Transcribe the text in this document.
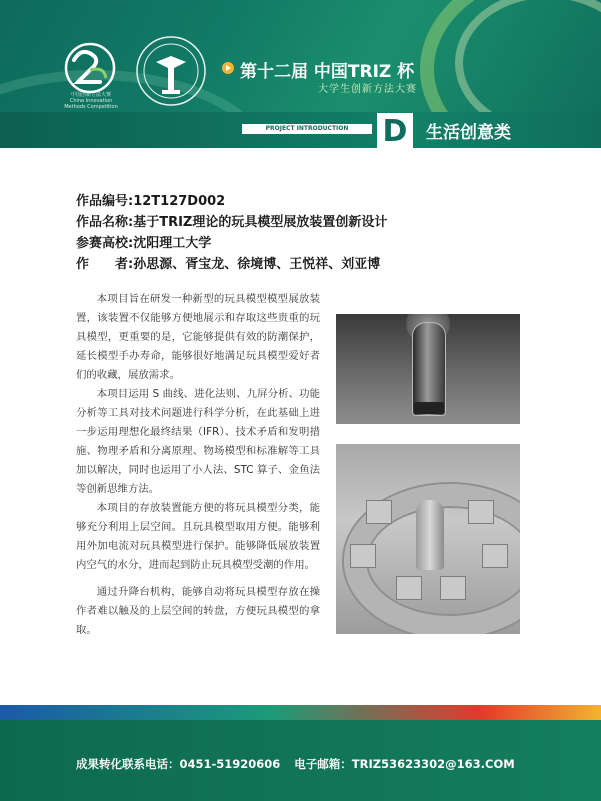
中国创新方法大赛
China Innovation
Methods Competition
第十二届 中国TRIZ 杯
大学生创新方法大赛
PROJECT INTRODUCTION	D	生活创意类
作品编号:12T127D002
作品名称:基于TRIZ理论的玩具模型展放装置创新设计
参赛高校:沈阳理工大学
作　　者:孙思源、胥宝龙、徐境博、王悦祥、刘亚博

本项目旨在研发一种新型的玩具模型模型展放装置，该装置不仅能够方便地展示和存取这些贵重的玩具模型，更重要的是，它能够提供有效的防潮保护，延长模型手办寿命，能够很好地满足玩具模型爱好者们的收藏，展放需求。

本项目运用 S 曲线、进化法则、九屏分析、功能分析等工具对技术问题进行科学分析，在此基础上进一步运用理想化最终结果（IFR）、技术矛盾和发明措施、物理矛盾和分离原理、物场模型和标准解等工具加以解决，同时也运用了小人法、STC 算子、金鱼法等创新思维方法。

本项目的存放装置能方便的将玩具模型分类，能够充分利用上层空间。且玩具模型取用方便。能够利用外加电流对玩具模型进行保护。能够降低展放装置内空气的水分，进而起到防止玩具模型受潮的作用。

通过升降台机构，能够自动将玩具模型存放在操作者难以触及的上层空间的转盘，方便玩具模型的拿取。

成果转化联系电话：0451-51920606 电子邮箱：TRIZ53623302@163.COM
